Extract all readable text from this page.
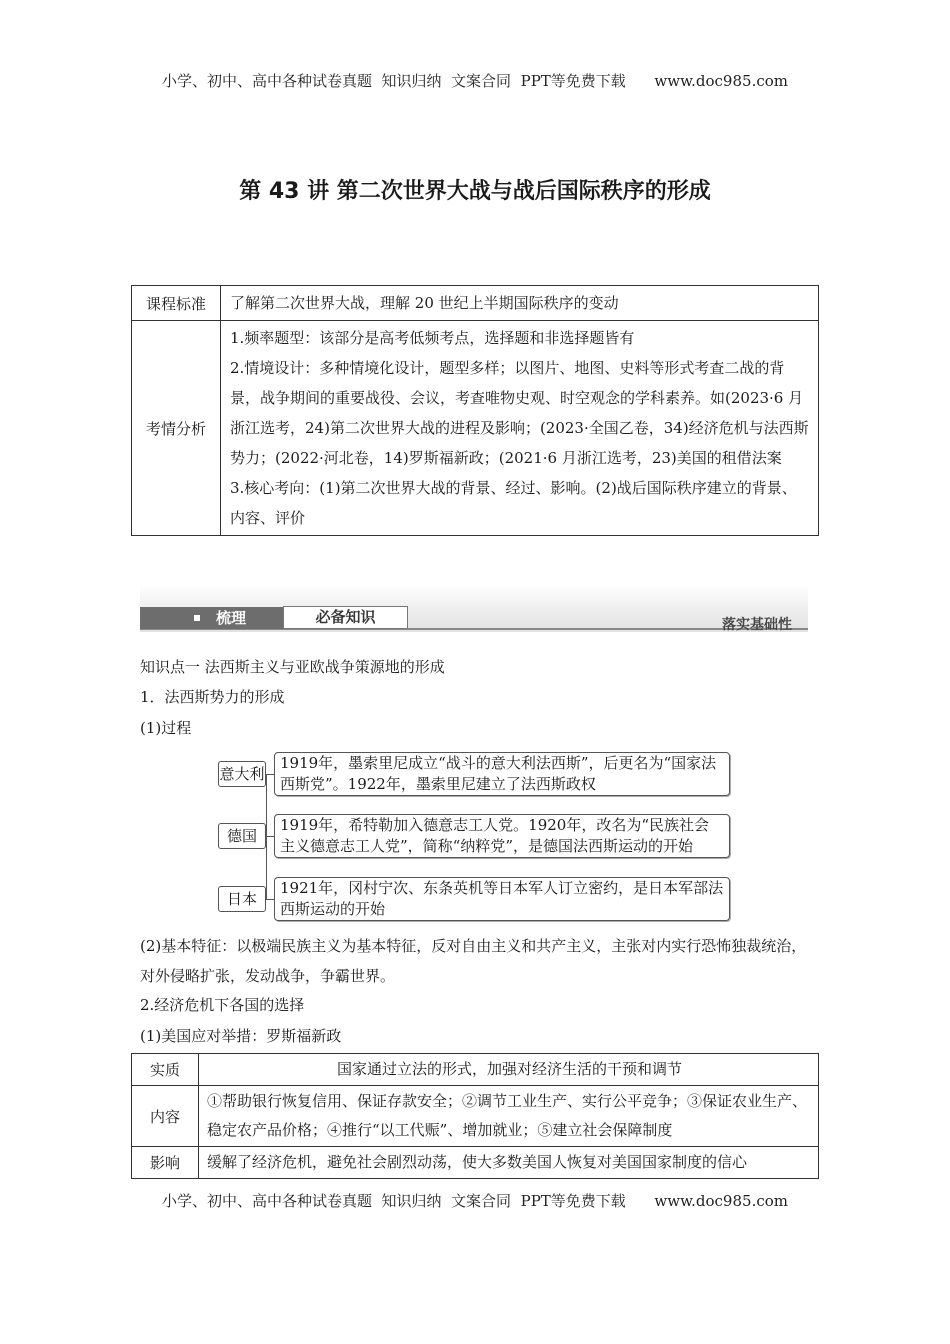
小学、初中、高中各种试卷真题  知识归纳  文案合同  PPT等免费下载      www.doc985.com
第 43 讲 第二次世界大战与战后国际秩序的形成
课程标准	了解第二次世界大战，理解 20 世纪上半期国际秩序的变动
考情分析	1.频率题型：该部分是高考低频考点，选择题和非选择题皆有
2.情境设计：多种情境化设计，题型多样；以图片、地图、史料等形式考查二战的背景，战争期间的重要战役、会议，考查唯物史观、时空观念的学科素养。如(2023·6 月浙江选考，24)第二次世界大战的进程及影响；(2023·全国乙卷，34)经济危机与法西斯势力；(2022·河北卷，14)罗斯福新政；(2021·6 月浙江选考，23)美国的租借法案
3.核心考向：(1)第二次世界大战的背景、经过、影响。(2)战后国际秩序建立的背景、内容、评价
梳理	必备知识	落实基础性
知识点一 法西斯主义与亚欧战争策源地的形成
1．法西斯势力的形成
(1)过程
意大利
1919年，墨索里尼成立“战斗的意大利法西斯”，后更名为“国家法西斯党”。1922年，墨索里尼建立了法西斯政权
德国
1919年，希特勒加入德意志工人党。1920年，改名为“民族社会主义德意志工人党”，简称“纳粹党”，是德国法西斯运动的开始
日本
1921年，冈村宁次、东条英机等日本军人订立密约，是日本军部法西斯运动的开始
(2)基本特征：以极端民族主义为基本特征，反对自由主义和共产主义，主张对内实行恐怖独裁统治，对外侵略扩张，发动战争，争霸世界。
2.经济危机下各国的选择
(1)美国应对举措：罗斯福新政
实质	国家通过立法的形式，加强对经济生活的干预和调节
内容	①帮助银行恢复信用、保证存款安全；②调节工业生产、实行公平竞争；③保证农业生产、稳定农产品价格；④推行“以工代赈”、增加就业；⑤建立社会保障制度
影响	缓解了经济危机，避免社会剧烈动荡，使大多数美国人恢复对美国国家制度的信心
小学、初中、高中各种试卷真题  知识归纳  文案合同  PPT等免费下载      www.doc985.com
